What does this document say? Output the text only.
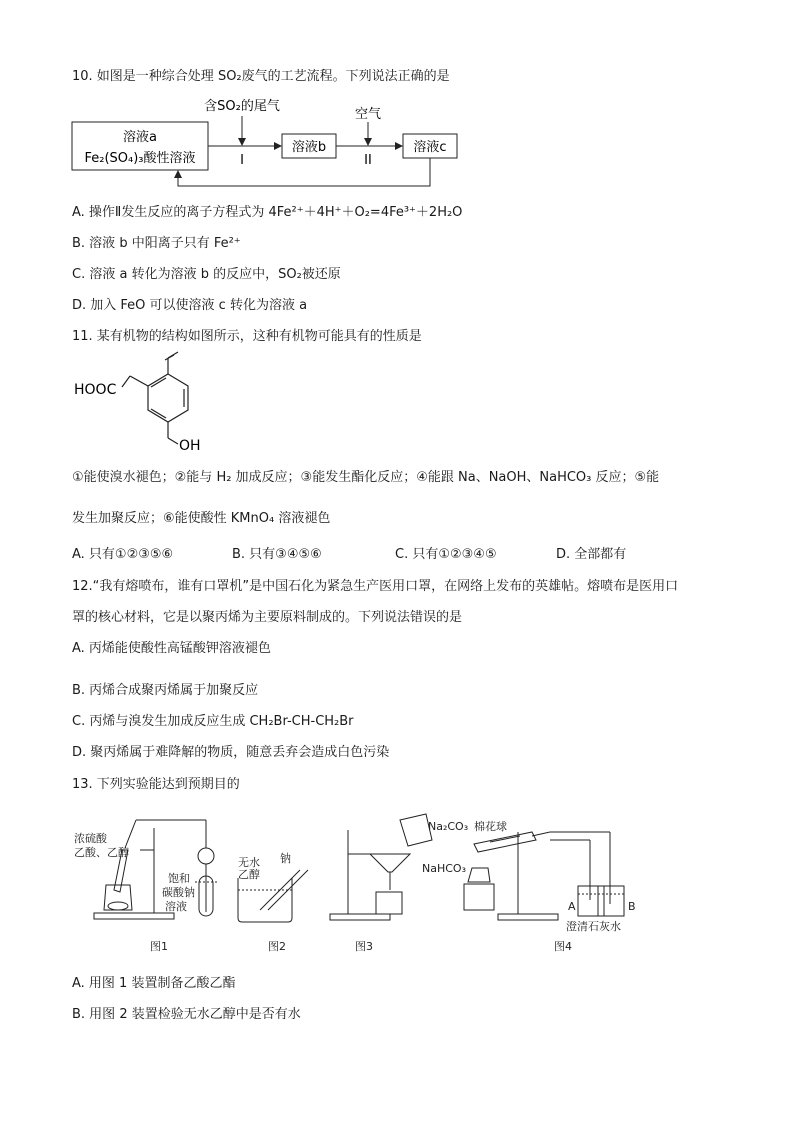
10. 如图是一种综合处理 SO₂废气的工艺流程。下列说法正确的是
溶液a
Fe₂(SO₄)₃酸性溶液
溶液b	溶液c
含SO₂的尾气
空气
I	II
A. 操作Ⅱ发生反应的离子方程式为 4Fe²⁺＋4H⁺＋O₂=4Fe³⁺＋2H₂O
B. 溶液 b 中阳离子只有 Fe²⁺
C. 溶液 a 转化为溶液 b 的反应中，SO₂被还原
D. 加入 FeO 可以使溶液 c 转化为溶液 a
11. 某有机物的结构如图所示，这种有机物可能具有的性质是
HOOC
OH
①能使溴水褪色；②能与 H₂ 加成反应；③能发生酯化反应；④能跟 Na、NaOH、NaHCO₃ 反应；⑤能
发生加聚反应；⑥能使酸性 KMnO₄ 溶液褪色
A. 只有①②③⑤⑥	B. 只有③④⑤⑥	C. 只有①②③④⑤	D. 全部都有
12.“我有熔喷布，谁有口罩机”是中国石化为紧急生产医用口罩，在网络上发布的英雄帖。熔喷布是医用口
罩的核心材料，它是以聚丙烯为主要原料制成的。下列说法错误的是
A. 丙烯能使酸性高锰酸钾溶液褪色
B. 丙烯合成聚丙烯属于加聚反应
C. 丙烯与溴发生加成反应生成 CH₂Br-CH-CH₂Br
D. 聚丙烯属于难降解的物质，随意丢弃会造成白色污染
13. 下列实验能达到预期目的
浓硫酸
乙酸、乙醇
饱和
碳酸钠
溶液
图1
钠
无水
乙醇
图2	图3
Na₂CO₃ 棉花球
NaHCO₃
A	B
澄清石灰水
图4
A. 用图 1 装置制备乙酸乙酯
B. 用图 2 装置检验无水乙醇中是否有水
